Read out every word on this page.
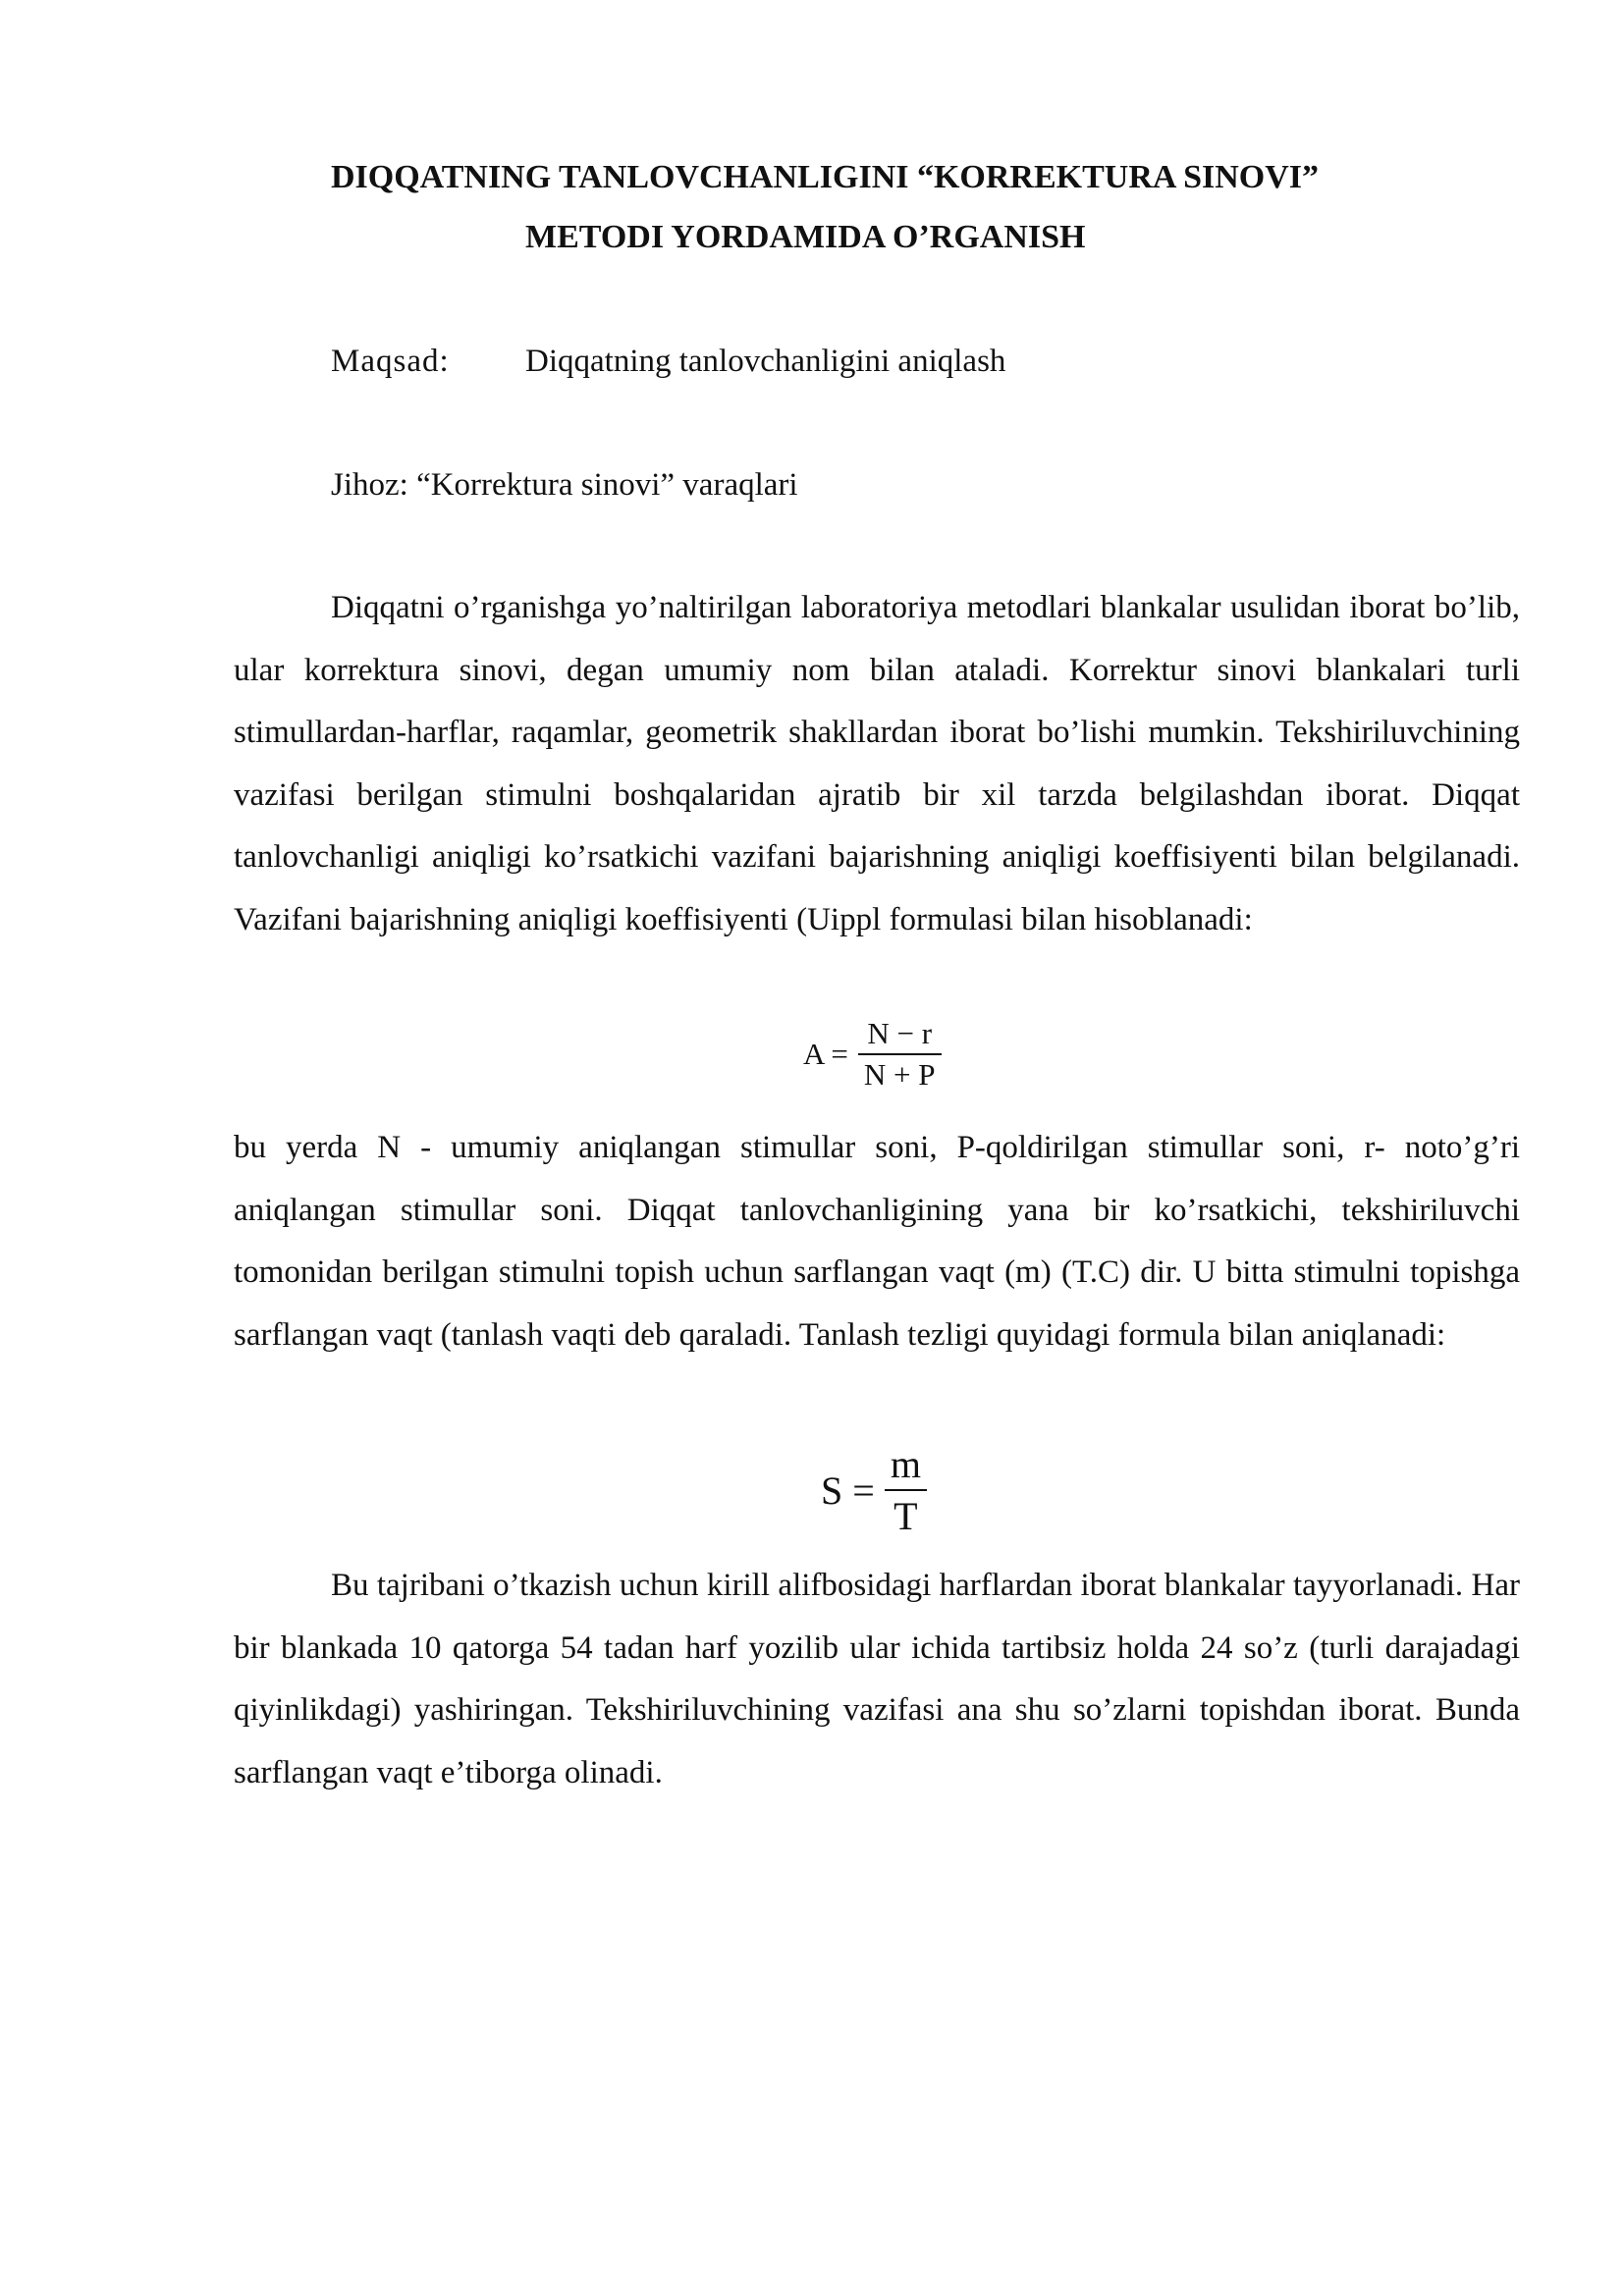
DIQQATNING TANLOVCHANLIGINI “KORREKTURA SINOVI”
METODI YORDAMIDA O’RGANISH
Maqsad: Diqqatning tanlovchanligini aniqlash
Jihoz: “Korrektura sinovi” varaqlari

Diqqatni o’rganishga yo’naltirilgan laboratoriya metodlari blankalar usulidan iborat bo’lib, ular korrektura sinovi, degan umumiy nom bilan ataladi. Korrektur sinovi blankalari turli stimullardan-harflar, raqamlar, geometrik shakllardan iborat bo’lishi mumkin. Tekshiriluvchining vazifasi berilgan stimulni boshqalaridan ajratib bir xil tarzda belgilashdan iborat. Diqqat tanlovchanligi aniqligi ko’rsatkichi vazifani bajarishning aniqligi koeffisiyenti bilan belgilanadi. Vazifani bajarishning aniqligi koeffisiyenti (Uippl formulasi bilan hisoblanadi:

$A = \frac{N - r}{N + P}$

bu yerda N - umumiy aniqlangan stimullar soni, P-qoldirilgan stimullar soni, r- noto’g’ri aniqlangan stimullar soni. Diqqat tanlovchanligining yana bir ko’rsatkichi, tekshiriluvchi tomonidan berilgan stimulni topish uchun sarflangan vaqt (m) (T.C) dir. U bitta stimulni topishga sarflangan vaqt (tanlash vaqti deb qaraladi. Tanlash tezligi quyidagi formula bilan aniqlanadi:

$S = \frac{m}{T}$

Bu tajribani o’tkazish uchun kirill alifbosidagi harflardan iborat blankalar tayyorlanadi. Har bir blankada 10 qatorga 54 tadan harf yozilib ular ichida tartibsiz holda 24 so’z (turli darajadagi qiyinlikdagi) yashiringan. Tekshiriluvchining vazifasi ana shu so’zlarni topishdan iborat. Bunda sarflangan vaqt e’tiborga olinadi.
